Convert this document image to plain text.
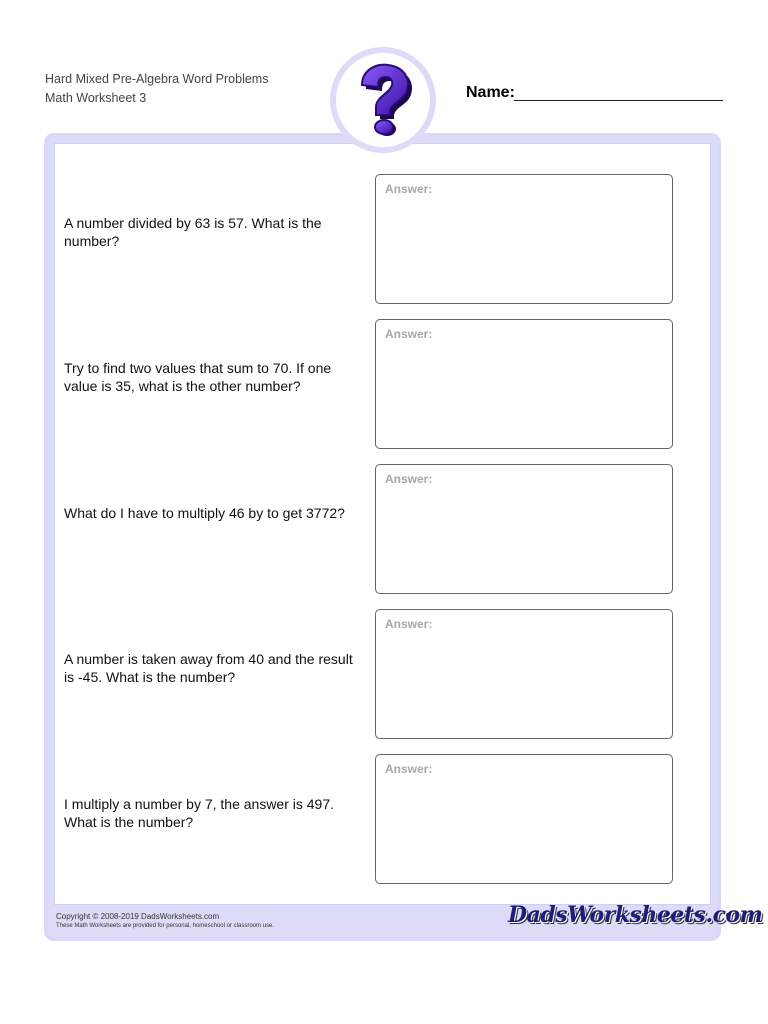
Hard Mixed Pre-Algebra Word Problems
Math Worksheet 3	Name:
A number divided by 63 is 57. What is the number?
Answer:
Try to find two values that sum to 70. If one value is 35, what is the other number?
Answer:
What do I have to multiply 46 by to get 3772?
Answer:
A number is taken away from 40 and the result is -45. What is the number?
Answer:
I multiply a number by 7, the answer is 497. What is the number?
Answer:
Copyright © 2008-2019 DadsWorksheets.com
These Math Worksheets are provided for personal, homeschool or classroom use.	DadsWorksheets.com
